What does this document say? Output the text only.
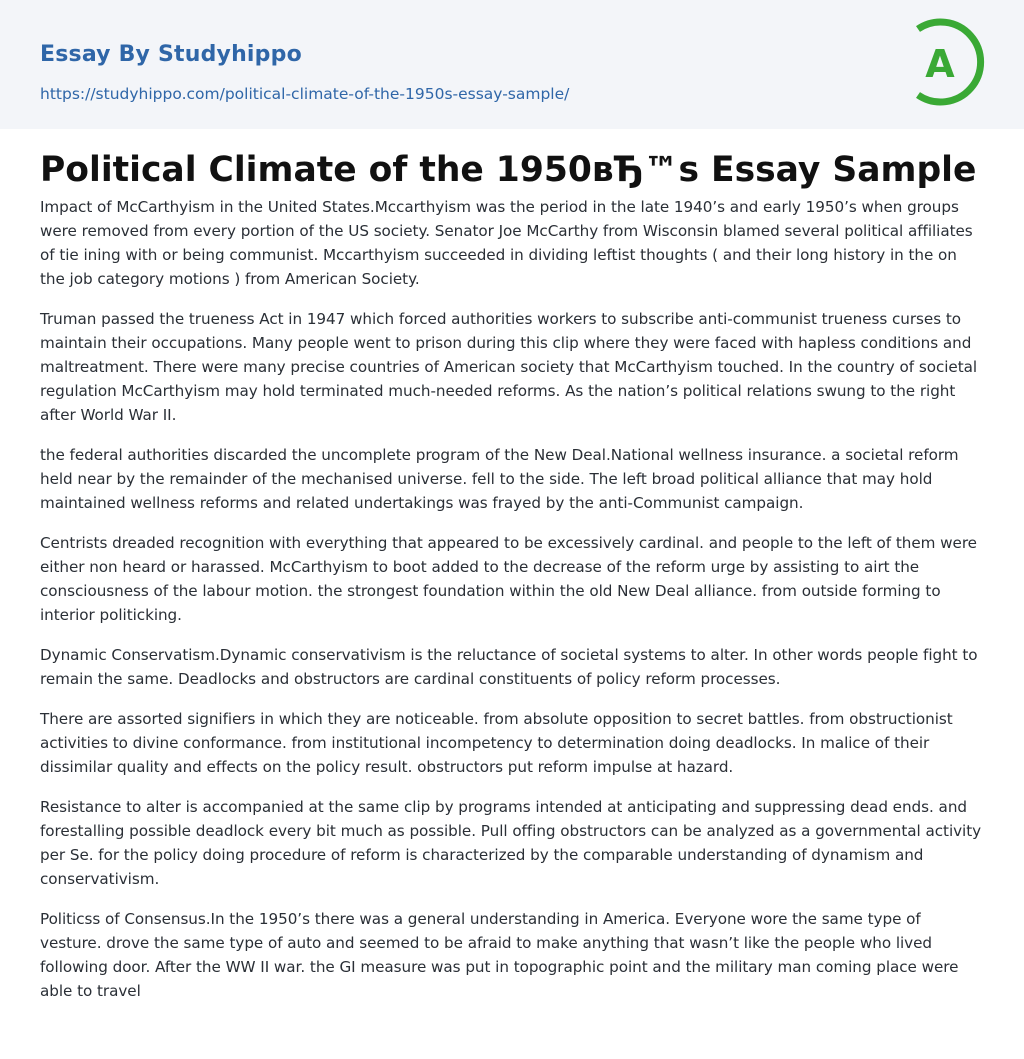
Essay By Studyhippo
https://studyhippo.com/political-climate-of-the-1950s-essay-sample/
A
Political Climate of the 1950вЂ™s Essay Sample

Impact of McCarthyism in the United States.Mccarthyism was the period in the late 1940’s and early 1950’s when groups were removed from every portion of the US society. Senator Joe McCarthy from Wisconsin blamed several political affiliates of tie ining with or being communist. Mccarthyism succeeded in dividing leftist thoughts ( and their long history in the on the job category motions ) from American Society.

Truman passed the trueness Act in 1947 which forced authorities workers to subscribe anti-communist trueness curses to maintain their occupations. Many people went to prison during this clip where they were faced with hapless conditions and maltreatment. There were many precise countries of American society that McCarthyism touched. In the country of societal regulation McCarthyism may hold terminated much-needed reforms. As the nation’s political relations swung to the right after World War II.

the federal authorities discarded the uncomplete program of the New Deal.National wellness insurance. a societal reform held near by the remainder of the mechanised universe. fell to the side. The left broad political alliance that may hold maintained wellness reforms and related undertakings was frayed by the anti-Communist campaign.

Centrists dreaded recognition with everything that appeared to be excessively cardinal. and people to the left of them were either non heard or harassed. McCarthyism to boot added to the decrease of the reform urge by assisting to airt the consciousness of the labour motion. the strongest foundation within the old New Deal alliance. from outside forming to interior politicking.

Dynamic Conservatism.Dynamic conservativism is the reluctance of societal systems to alter. In other words people fight to remain the same. Deadlocks and obstructors are cardinal constituents of policy reform processes.

There are assorted signifiers in which they are noticeable. from absolute opposition to secret battles. from obstructionist activities to divine conformance. from institutional incompetency to determination doing deadlocks. In malice of their dissimilar quality and effects on the policy result. obstructors put reform impulse at hazard.

Resistance to alter is accompanied at the same clip by programs intended at anticipating and suppressing dead ends. and forestalling possible deadlock every bit much as possible. Pull offing obstructors can be analyzed as a governmental activity per Se. for the policy doing procedure of reform is characterized by the comparable understanding of dynamism and conservativism.

Politicss of Consensus.In the 1950’s there was a general understanding in America. Everyone wore the same type of vesture. drove the same type of auto and seemed to be afraid to make anything that wasn’t like the people who lived following door. After the WW II war. the GI measure was put in topographic point and the military man coming place were able to travel
